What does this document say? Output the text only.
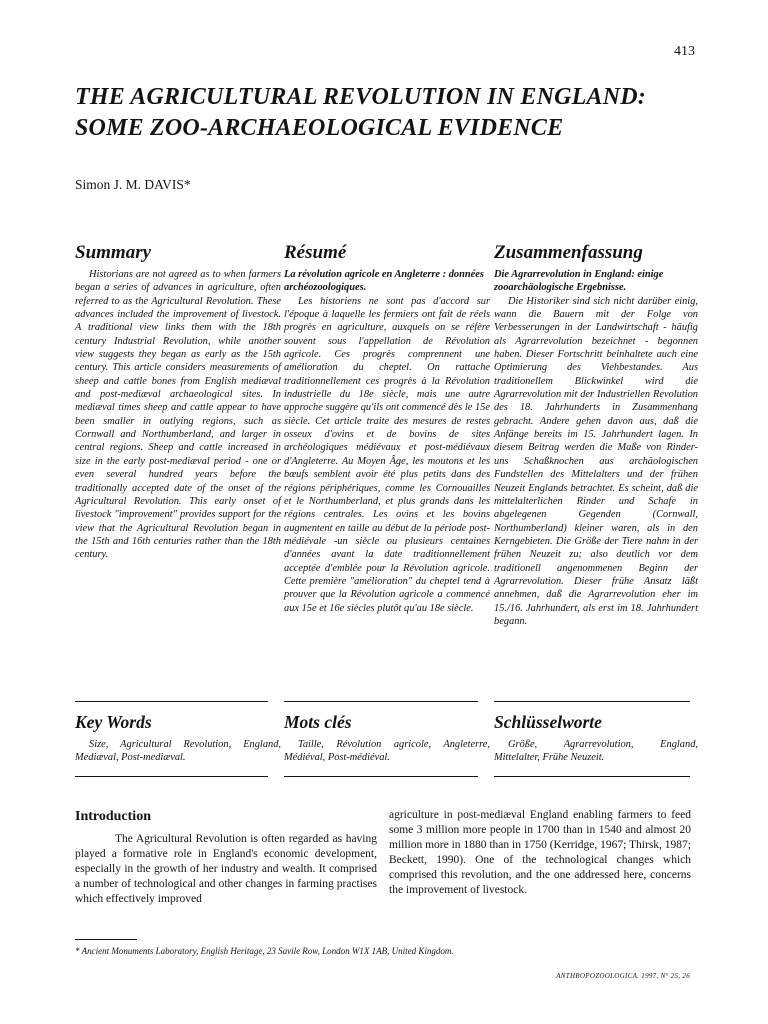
413
THE AGRICULTURAL REVOLUTION IN ENGLAND:
SOME ZOO-ARCHAEOLOGICAL EVIDENCE
Simon J. M. DAVIS*
Summary

Historians are not agreed as to when farmers began a series of advances in agriculture, often referred to as the Agricultural Revolution. These advances included the improvement of livestock. A traditional view links them with the 18th century Industrial Revolution, while another view suggests they began as early as the 15th century. This article considers measurements of sheep and cattle bones from English mediæval and post-mediæval archaeological sites. In mediæval times sheep and cattle appear to have been smaller in outlying regions, such as Cornwall and Northumberland, and larger in central regions. Sheep and cattle increased in size in the early post-mediæval period - one or even several hundred years before the traditionally accepted date of the onset of the Agricultural Revolution. This early onset of livestock "improvement" provides support for the view that the Agricultural Revolution began in the 15th and 16th centuries rather than the 18th century.

Résumé

La révolution agricole en Angleterre : données archéozoologiques.

Les historiens ne sont pas d'accord sur l'époque à laquelle les fermiers ont fait de réels progrès en agriculture, auxquels on se réfère souvent sous l'appellation de Révolution agricole. Ces progrès comprennent une amélioration du cheptel. On rattache traditionnellement ces progrès à la Révolution industrielle du 18e siècle, mais une autre approche suggère qu'ils ont commencé dès le 15e siècle. Cet article traite des mesures de restes osseux d'ovins et de bovins de sites archéologiques médiévaux et post-médiévaux d'Angleterre. Au Moyen Âge, les moutons et les bœufs semblent avoir été plus petits dans des régions périphériques, comme les Cornouailles et le Northumberland, et plus grands dans les régions centrales. Les ovins et les bovins augmentent en taille au début de la période post-médiévale -un siècle ou plusieurs centaines d'années avant la date traditionnellement acceptée d'emblée pour la Révolution agricole. Cette première "amélioration" du cheptel tend à prouver que la Révolution agricole a commencé aux 15e et 16e siècles plutôt qu'au 18e siècle.

Zusammenfassung

Die Agrarrevolution in England: einige zooarchäologische Ergebnisse.

Die Historiker sind sich nicht darüber einig, wann die Bauern mit der Folge von Verbesserungen in der Landwirtschaft - häufig als Agrarrevolution bezeichnet - begonnen haben. Dieser Fortschritt beinhaltete auch eine Optimierung des Viehbestandes. Aus traditionellem Blickwinkel wird die Agrarrevolution mit der Industriellen Revolution des 18. Jahrhunderts in Zusammenhang gebracht. Andere gehen davon aus, daß die Anfänge bereits im 15. Jahrhundert lagen. In diesem Beitrag werden die Maße von Rinder- uns Schaßknochen aus archäologischen Fundstellen des Mittelalters und der frühen Neuzeit Englands betrachtet. Es scheint, daß die mittelalterlichen Rinder und Schafe in abgelegenen Gegenden (Cornwall, Northumberland) kleiner waren, als in den Kerngebieten. Die Größe der Tiere nahm in der frühen Neuzeit zu; also deutlich vor dem traditionell angenommenen Beginn der Agrarrevolution. Dieser frühe Ansatz läßt annehmen, daß die Agrarrevolution eher im 15./16. Jahrhundert, als erst im 18. Jahrhundert begann.

Key Words

Size, Agricultural Revolution, England, Mediæval, Post-mediæval.

Mots clés

Taille, Révolution agricole, Angleterre, Médiéval, Post-médiéval.

Schlüsselworte

Größe, Agrarrevolution, England, Mittelalter, Frühe Neuzeit.

Introduction

The Agricultural Revolution is often regarded as having played a formative role in England's economic development, especially in the growth of her industry and wealth. It comprised a number of technological and other changes in farming practises which effectively improved

agriculture in post-mediæval England enabling farmers to feed some 3 million more people in 1700 than in 1540 and almost 20 million more in 1880 than in 1750 (Kerridge, 1967; Thirsk, 1987; Beckett, 1990). One of the technological changes which comprised this revolution, and the one addressed here, concerns the improvement of livestock.

* Ancient Monuments Laboratory, English Heritage, 23 Savile Row, London W1X 1AB, United Kingdom.
ANTHROPOZOOLOGICA. 1997, N° 25, 26
